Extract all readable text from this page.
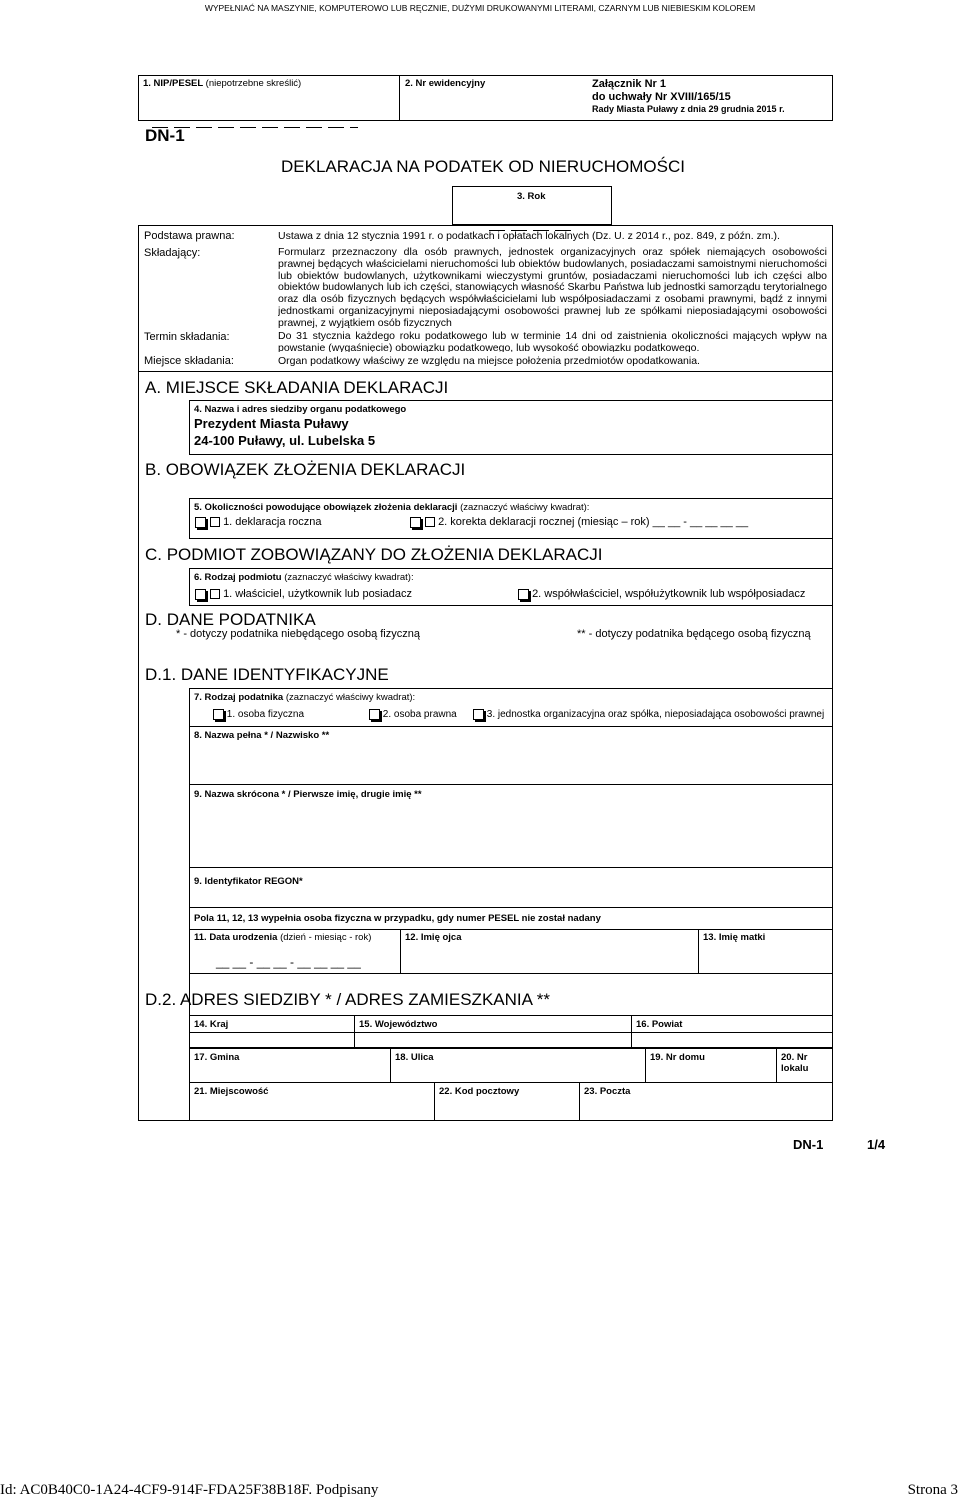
WYPEŁNIAĆ NA MASZYNIE, KOMPUTEROWO LUB RĘCZNIE, DUŻYMI DRUKOWANYMI LITERAMI, CZARNYM LUB NIEBIESKIM KOLOREM
1. NIP/PESEL (niepotrzebne skreślić)	2. Nr ewidencyjny	Załącznik Nr 1
do uchwały Nr XVIII/165/15
Rady Miasta Puławy z dnia 29 grudnia 2015 r.
DN-1
DEKLARACJA NA PODATEK OD NIERUCHOMOŚCI
3. Rok
Podstawa prawna:	Ustawa z dnia 12 stycznia 1991 r. o podatkach i opłatach lokalnych (Dz. U. z 2014 r., poz. 849, z późn. zm.).
Składający:	Formularz przeznaczony dla osób prawnych, jednostek organizacyjnych oraz spółek niemających osobowości prawnej będących właścicielami nieruchomości lub obiektów budowlanych, posiadaczami samoistnymi nieruchomości lub obiektów budowlanych, użytkownikami wieczystymi gruntów, posiadaczami nieruchomości lub ich części albo obiektów budowlanych lub ich części, stanowiących własność Skarbu Państwa lub jednostki samorządu terytorialnego oraz dla osób fizycznych będących współwłaścicielami lub współposiadaczami z osobami prawnymi, bądź z innymi jednostkami organizacyjnymi nieposiadającymi osobowości prawnej lub ze spółkami nieposiadającymi osobowości prawnej, z wyjątkiem osób fizycznych
Termin składania:	Do 31 stycznia każdego roku podatkowego lub w terminie 14 dni od zaistnienia okoliczności mających wpływ na powstanie (wygaśnięcie) obowiązku podatkowego, lub wysokość obowiązku podatkowego.
Miejsce składania:	Organ podatkowy właściwy ze względu na miejsce położenia przedmiotów opodatkowania.
A. MIEJSCE SKŁADANIA DEKLARACJI
4. Nazwa i adres siedziby organu podatkowego
Prezydent Miasta Puławy
24-100 Puławy, ul. Lubelska 5
B. OBOWIĄZEK ZŁOŻENIA DEKLARACJI
5. Okoliczności powodujące obowiązek złożenia deklaracji (zaznaczyć właściwy kwadrat):
1. deklaracja roczna	2. korekta deklaracji rocznej (miesiąc – rok) __ __ - __ __ __ __
C. PODMIOT ZOBOWIĄZANY DO ZŁOŻENIA DEKLARACJI
6. Rodzaj podmiotu (zaznaczyć właściwy kwadrat):
1. właściciel, użytkownik lub posiadacz	2. współwłaściciel, współużytkownik lub współposiadacz
D. DANE PODATNIKA
* - dotyczy podatnika niebędącego osobą fizyczną	** - dotyczy podatnika będącego osobą fizyczną
D.1. DANE IDENTYFIKACYJNE
7. Rodzaj podatnika (zaznaczyć właściwy kwadrat):
1. osoba fizyczna	2. osoba prawna	3. jednostka organizacyjna oraz spółka, nieposiadająca osobowości prawnej
8. Nazwa pełna * / Nazwisko **
9. Nazwa skrócona * / Pierwsze imię, drugie imię **
9. Identyfikator REGON*
Pola 11, 12, 13 wypełnia osoba fizyczna w przypadku, gdy numer PESEL nie został nadany
11. Data urodzenia (dzień - miesiąc - rok)
__ __ - __ __ - __ __ __ __
12. Imię ojca	13. Imię matki
D.2. ADRES SIEDZIBY * / ADRES ZAMIESZKANIA **
14. Kraj	15. Województwo	16. Powiat
17. Gmina	18. Ulica	19. Nr domu	20. Nr lokalu
21. Miejscowość	22. Kod pocztowy	23. Poczta
DN-1	1/4
Id: AC0B40C0-1A24-4CF9-914F-FDA25F38B18F. Podpisany	Strona 3
